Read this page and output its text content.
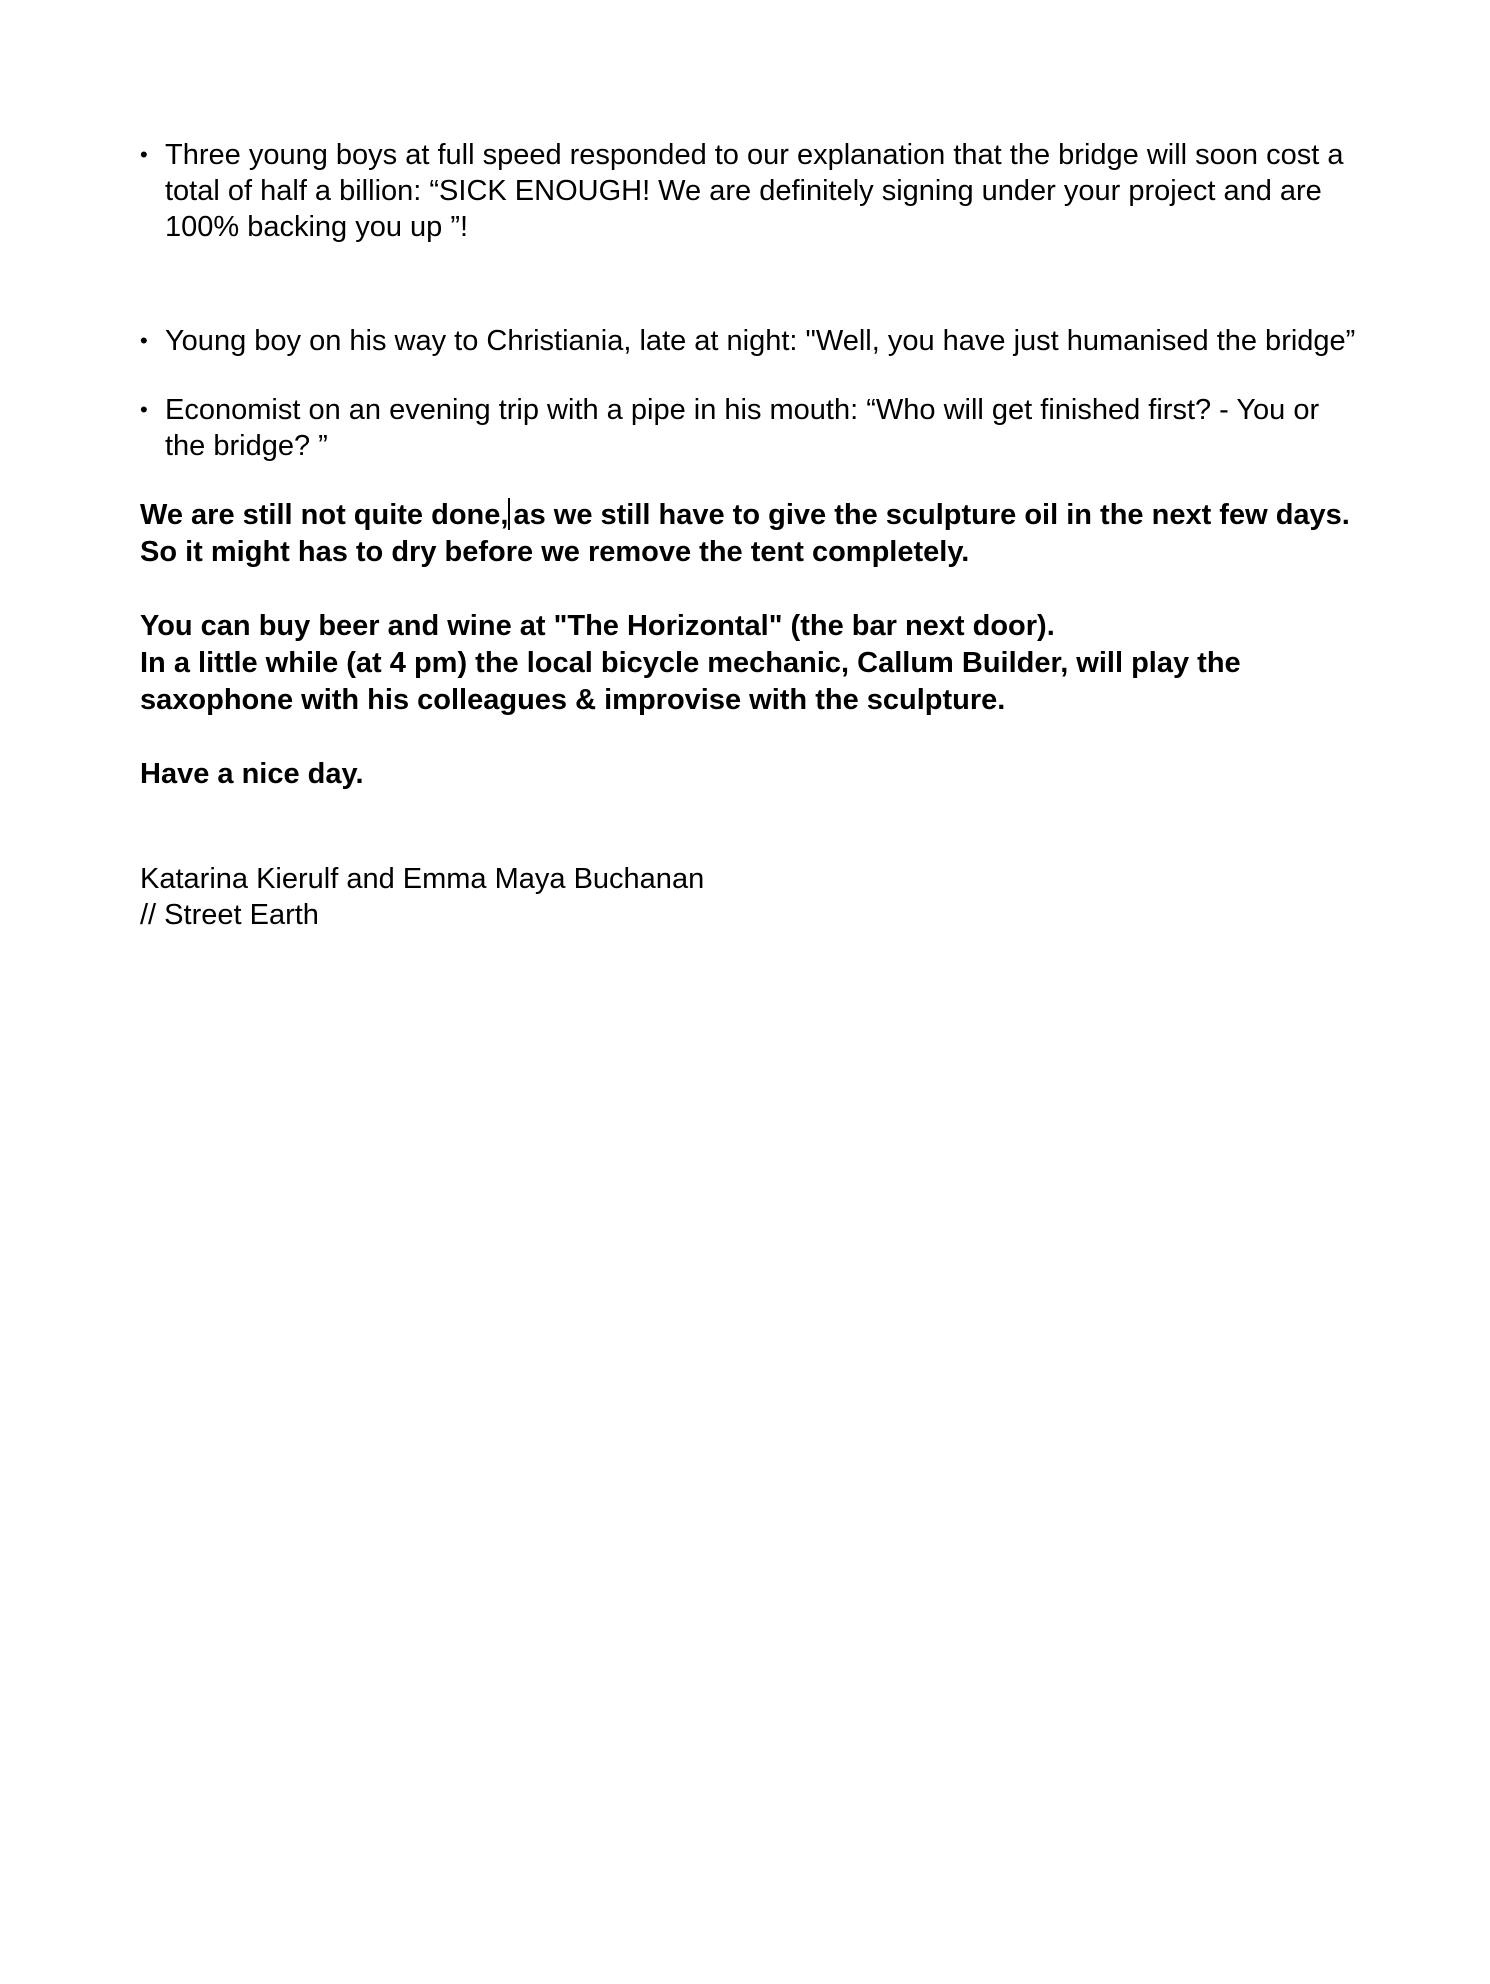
• Three young boys at full speed responded to our explanation that the bridge will soon cost a total of half a billion: “SICK ENOUGH! We are definitely signing under your project and are 100% backing you up ”!
• Young boy on his way to Christiania, late at night: "Well, you have just humanised the bridge”
• Economist on an evening trip with a pipe in his mouth: “Who will get finished first? - You or the bridge? ”
We are still not quite done, as we still have to give the sculpture oil in the next few days. So it might has to dry before we remove the tent completely.
You can buy beer and wine at "The Horizontal" (the bar next door).
In a little while (at 4 pm) the local bicycle mechanic, Callum Builder, will play the saxophone with his colleagues & improvise with the sculpture.
Have a nice day.
Katarina Kierulf and Emma Maya Buchanan
// Street Earth
